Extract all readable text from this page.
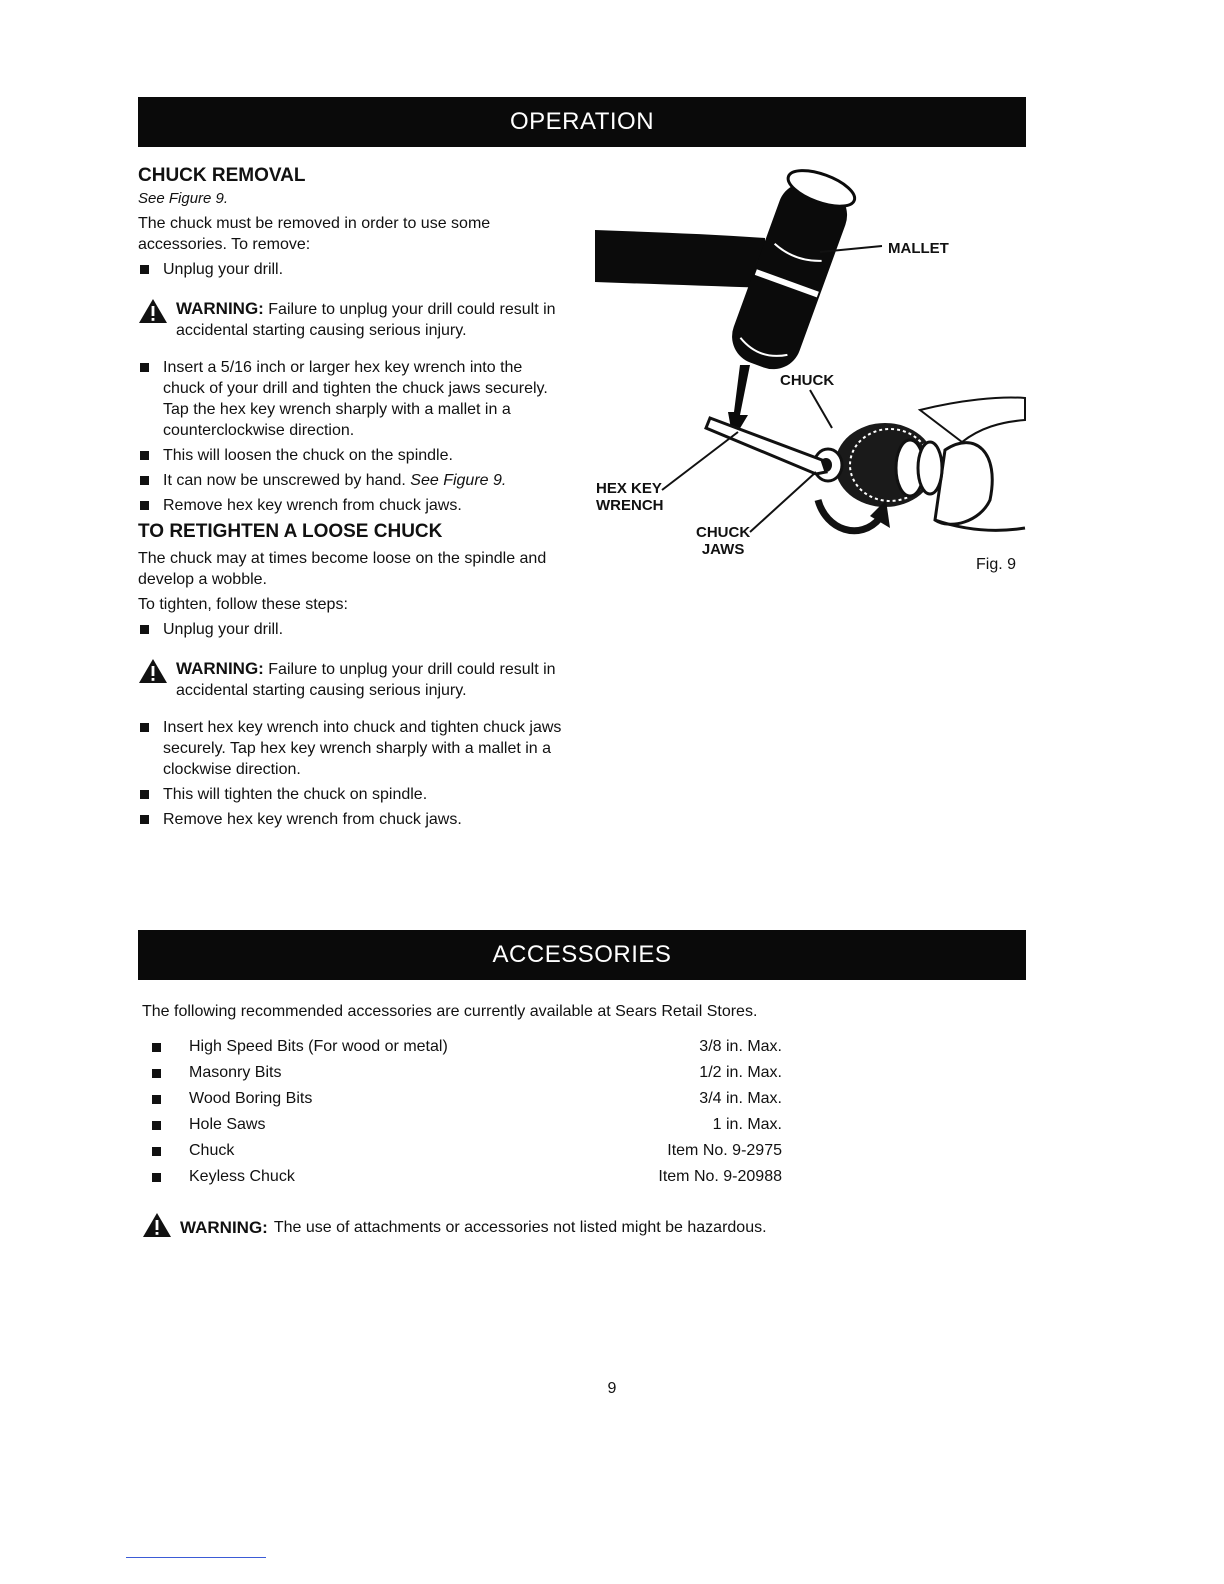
OPERATION
CHUCK REMOVAL
See Figure 9.

The chuck must be removed in order to use some accessories. To remove:

Unplug your drill.
WARNING: Failure to unplug your drill could result in accidental starting causing serious injury.
Insert a 5/16 inch or larger hex key wrench into the chuck of your drill and tighten the chuck jaws securely. Tap the hex key wrench sharply with a mallet in a counterclockwise direction.
This will loosen the chuck on the spindle.
It can now be unscrewed by hand. See Figure 9.
Remove hex key wrench from chuck jaws.
TO RETIGHTEN A LOOSE CHUCK

The chuck may at times become loose on the spindle and develop a wobble.

To tighten, follow these steps:

Unplug your drill.
WARNING: Failure to unplug your drill could result in accidental starting causing serious injury.
Insert hex key wrench into chuck and tighten chuck jaws securely. Tap hex key wrench sharply with a mallet in a clockwise direction.
This will tighten the chuck on spindle.
Remove hex key wrench from chuck jaws.
MALLET
CHUCK
HEX KEY
WRENCH
CHUCK
JAWS
Fig. 9
ACCESSORIES
The following recommended accessories are currently available at Sears Retail Stores.
High Speed Bits (For wood or metal)	3/8 in. Max.
Masonry Bits	1/2 in. Max.
Wood Boring Bits	3/4 in. Max.
Hole Saws	1 in. Max.
Chuck	Item No. 9-2975
Keyless Chuck	Item No. 9-20988
WARNING: The use of attachments or accessories not listed might be hazardous.
9
